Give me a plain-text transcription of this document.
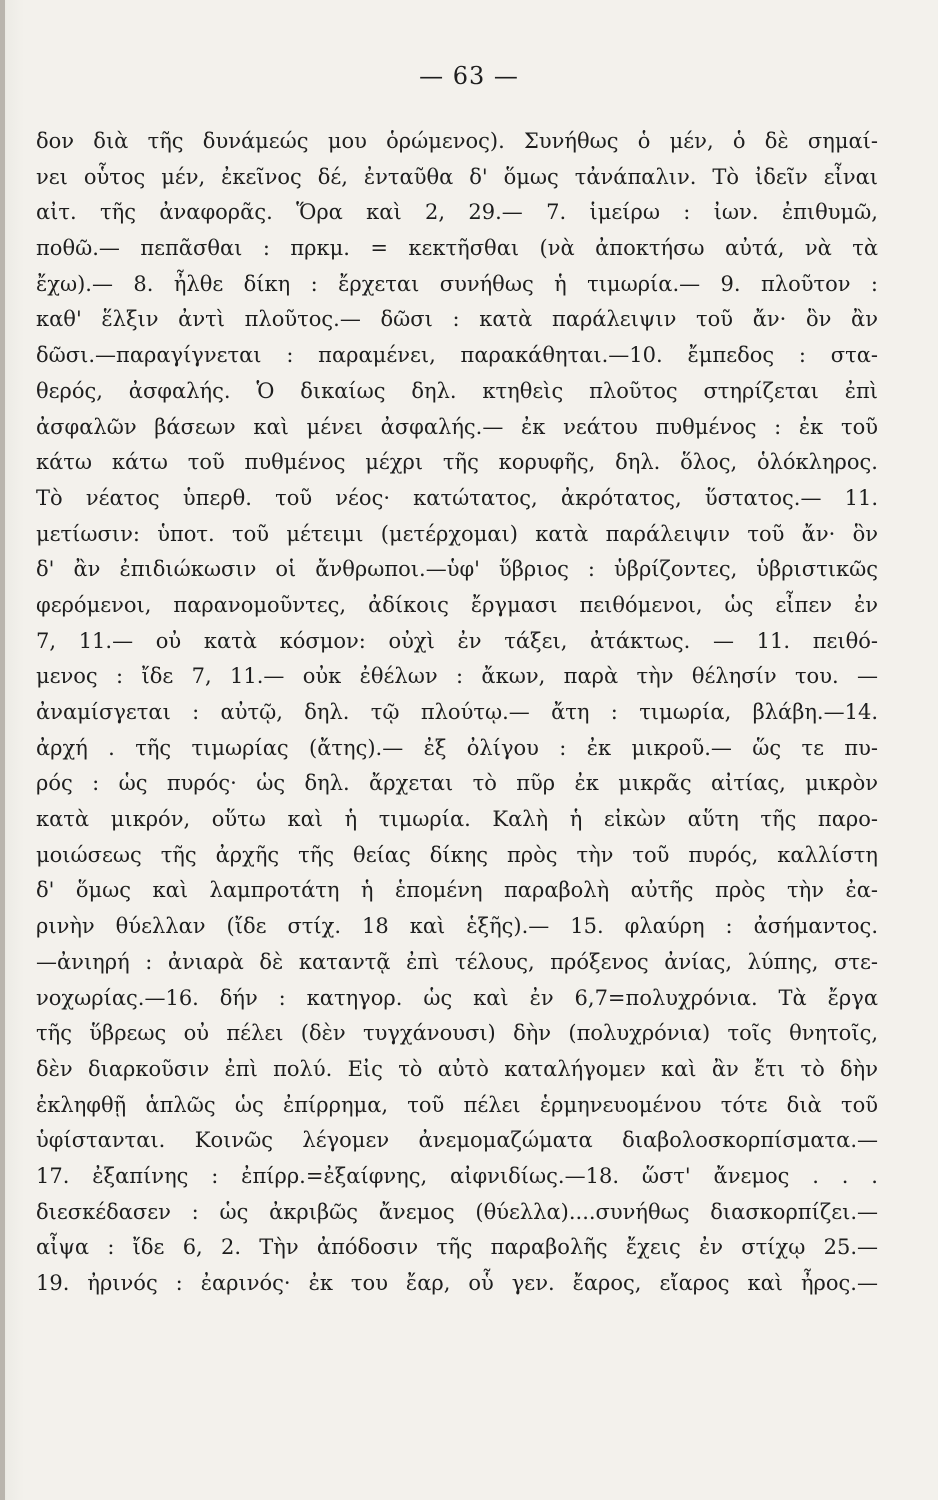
— 63 —
δον διὰ τῆς δυνάμεώς μου ὁρώμενος). Συνήθως ὁ μέν, ὁ δὲ σημαί-
νει οὗτος μέν, ἐκεῖνος δέ, ἐνταῦθα δ' ὅμως τἀνάπαλιν. Τὸ ἰδεῖν εἶναι
αἰτ. τῆς ἀναφορᾶς. Ὅρα καὶ 2, 29.— 7. ἱμείρω : ἰων. ἐπιθυμῶ,
ποθῶ.— πεπᾶσθαι : πρκμ. = κεκτῆσθαι (νὰ ἀποκτήσω αὐτά, νὰ τὰ
ἔχω).— 8. ἦλθε δίκη : ἔρχεται συνήθως ἡ τιμωρία.— 9. πλοῦτον :
καθ' ἕλξιν ἀντὶ πλοῦτος.— δῶσι : κατὰ παράλειψιν τοῦ ἄν· ὃν ἂν
δῶσι.—παραγίγνεται : παραμένει, παρακάθηται.—10. ἔμπεδος : στα-
θερός, ἀσφαλής. Ὁ δικαίως δηλ. κτηθεὶς πλοῦτος στηρίζεται ἐπὶ
ἀσφαλῶν βάσεων καὶ μένει ἀσφαλής.— ἐκ νεάτου πυθμένος : ἐκ τοῦ
κάτω κάτω τοῦ πυθμένος μέχρι τῆς κορυφῆς, δηλ. ὅλος, ὁλόκληρος.
Τὸ νέατος ὑπερθ. τοῦ νέος· κατώτατος, ἀκρότατος, ὕστατος.— 11.
μετίωσιν: ὑποτ. τοῦ μέτειμι (μετέρχομαι) κατὰ παράλειψιν τοῦ ἄν· ὃν
δ' ἂν ἐπιδιώκωσιν οἱ ἄνθρωποι.—ὑφ' ὕβριος : ὑβρίζοντες, ὑβριστικῶς
φερόμενοι, παρανομοῦντες, ἀδίκοις ἔργμασι πειθόμενοι, ὡς εἶπεν ἐν
7, 11.— οὐ κατὰ κόσμον: οὐχὶ ἐν τάξει, ἀτάκτως. — 11. πειθό-
μενος : ἴδε 7, 11.— οὐκ ἐθέλων : ἄκων, παρὰ τὴν θέλησίν του. —
ἀναμίσγεται : αὐτῷ, δηλ. τῷ πλούτῳ.— ἄτη : τιμωρία, βλάβη.—14.
ἀρχή . τῆς τιμωρίας (ἄτης).— ἐξ ὀλίγου : ἐκ μικροῦ.— ὥς τε πυ-
ρός : ὡς πυρός· ὡς δηλ. ἄρχεται τὸ πῦρ ἐκ μικρᾶς αἰτίας, μικρὸν
κατὰ μικρόν, οὕτω καὶ ἡ τιμωρία. Καλὴ ἡ εἰκὼν αὕτη τῆς παρο-
μοιώσεως τῆς ἀρχῆς τῆς θείας δίκης πρὸς τὴν τοῦ πυρός, καλλίστη
δ' ὅμως καὶ λαμπροτάτη ἡ ἑπομένη παραβολὴ αὐτῆς πρὸς τὴν ἐα-
ρινὴν θύελλαν (ἴδε στίχ. 18 καὶ ἑξῆς).— 15. φλαύρη : ἀσήμαντος.
—ἀνιηρή : ἀνιαρὰ δὲ καταντᾷ ἐπὶ τέλους, πρόξενος ἀνίας, λύπης, στε-
νοχωρίας.—16. δήν : κατηγορ. ὡς καὶ ἐν 6,7=πολυχρόνια. Τὰ ἔργα
τῆς ὕβρεως οὐ πέλει (δὲν τυγχάνουσι) δὴν (πολυχρόνια) τοῖς θνητοῖς,
δὲν διαρκοῦσιν ἐπὶ πολύ. Εἰς τὸ αὐτὸ καταλήγομεν καὶ ἂν ἔτι τὸ δὴν
ἐκληφθῇ ἁπλῶς ὡς ἐπίρρημα, τοῦ πέλει ἑρμηνευομένου τότε διὰ τοῦ
ὑφίστανται. Κοινῶς λέγομεν ἀνεμομαζώματα διαβολοσκορπίσματα.—
17. ἐξαπίνης : ἐπίρρ.=ἐξαίφνης, αἰφνιδίως.—18. ὥστ' ἄνεμος . . .
διεσκέδασεν : ὡς ἀκριβῶς ἄνεμος (θύελλα)....συνήθως διασκορπίζει.—
αἶψα : ἴδε 6, 2. Τὴν ἀπόδοσιν τῆς παραβολῆς ἔχεις ἐν στίχῳ 25.—
19. ἠρινός : ἐαρινός· ἐκ του ἔαρ, οὗ γεν. ἔαρος, εἴαρος καὶ ἦρος.—
